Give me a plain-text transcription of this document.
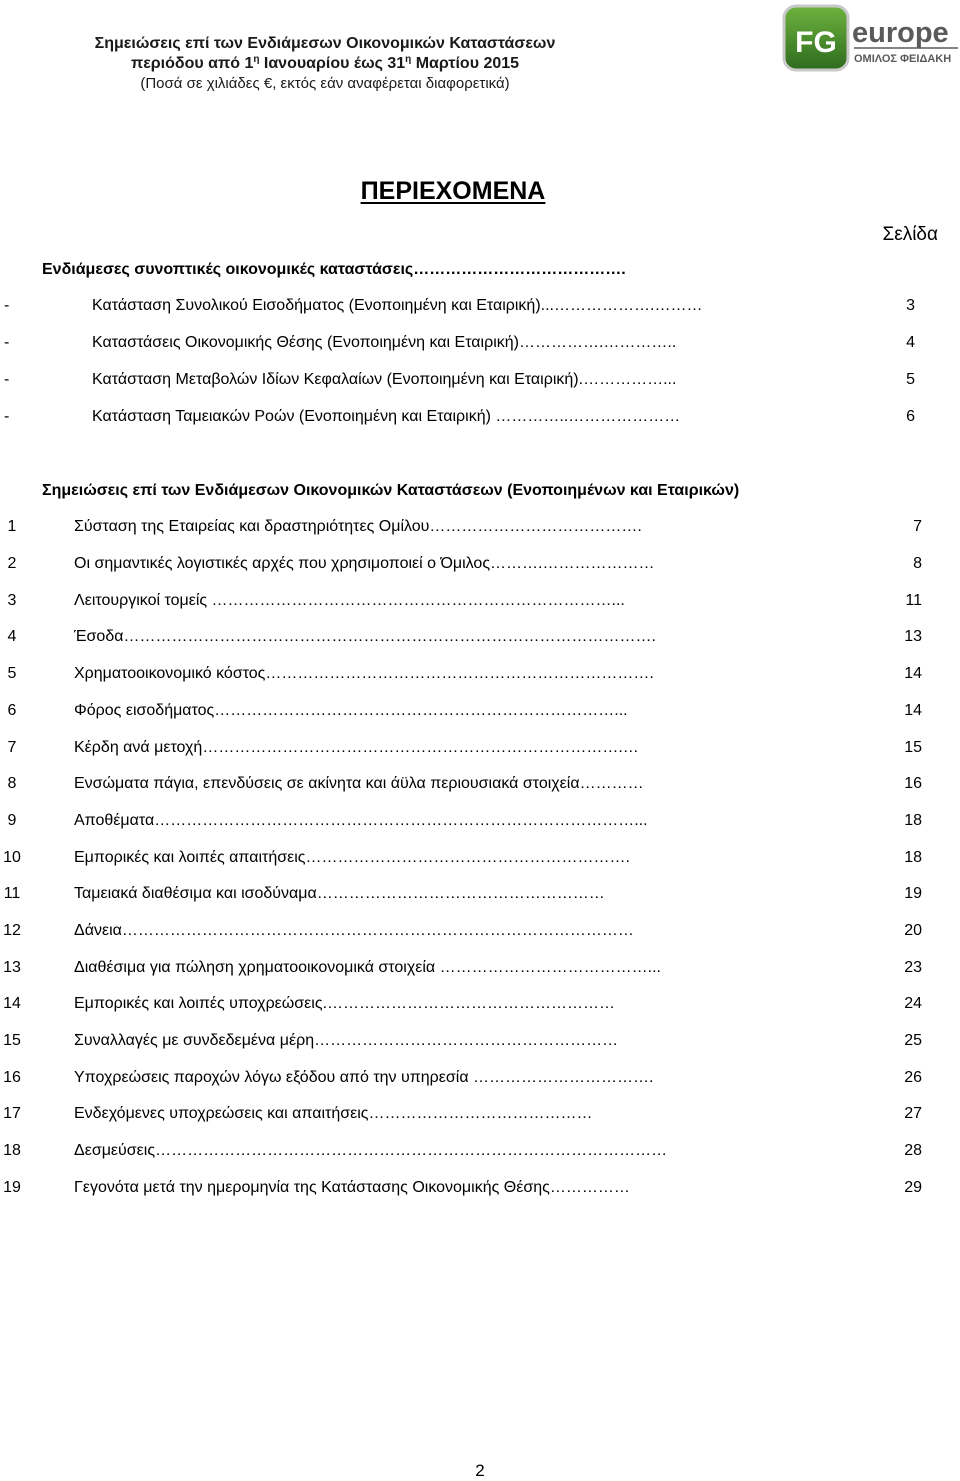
Σημειώσεις επί των Ενδιάμεσων Οικονομικών Καταστάσεων
περιόδου από $1^\eta$ Ιανουαρίου έως $31^\eta$ Μαρτίου 2015
(Ποσά σε χιλιάδες €, εκτός εάν αναφέρεται διαφορετικά)
FG europe
ΟΜΙΛΟΣ ΦΕΙΔΑΚΗ
ΠΕΡΙΕΧΟΜΕΝΑ
Σελίδα
Ενδιάμεσες συνοπτικές οικονομικές καταστάσεις………………………………….
-	Κατάσταση Συνολικού Εισοδήματος (Ενοποιημένη και Εταιρική)...……………….………	3
-	Καταστάσεις Οικονομικής Θέσης (Ενοποιημένη και Εταιρική)…………….…………..	4
-	Κατάσταση Μεταβολών Ιδίων Κεφαλαίων (Ενοποιημένη και Εταιρική).……………...	5
-	Κατάσταση Ταμειακών Ροών (Ενοποιημένη και Εταιρική) …………..…………………	6
Σημειώσεις επί των Ενδιάμεσων Οικονομικών Καταστάσεων (Ενοποιημένων και Εταιρικών)
1	Σύσταση της Εταιρείας και δραστηριότητες Ομίλου………………………………….	7
2	Οι σημαντικές λογιστικές αρχές που χρησιμοποιεί ο Όμιλος……….…………………	8
3	Λειτουργικοί τομείς …………………………………………………………………...	11
4	Έσοδα……………………………………………………………………………………….	13
5	Χρηματοοικονομικό κόστος……………………………………………………………….	14
6	Φόρος εισοδήματος…………………………………………………………………...	14
7	Κέρδη ανά μετοχή…………………………………………………………………….…	15
8	Ενσώματα πάγια, επενδύσεις σε ακίνητα και άϋλα περιουσιακά στοιχεία…………	16
9	Αποθέματα………………………………………………………………………………...	18
10	Εμπορικές και λοιπές απαιτήσεις…………………………………………………….	18
11	Ταμειακά διαθέσιμα και ισοδύναμα………………………………………………	19
12	Δάνεια……………………………………………………………………………………	20
13	Διαθέσιμα για πώληση χρηματοοικονομικά στοιχεία …………………………………...	23
14	Εμπορικές και λοιπές υποχρεώσεις.………………………………………………	24
15	Συναλλαγές με συνδεδεμένα μέρη…………………………………………………	25
16	Υποχρεώσεις παροχών λόγω εξόδου από την υπηρεσία …………………………….	26
17	Ενδεχόμενες υποχρεώσεις και απαιτήσεις……………………………………	27
18	Δεσμεύσεις……………………………………………………………………………………	28
19	Γεγονότα μετά την ημερομηνία της Κατάστασης Οικονομικής Θέσης……………	29
2
